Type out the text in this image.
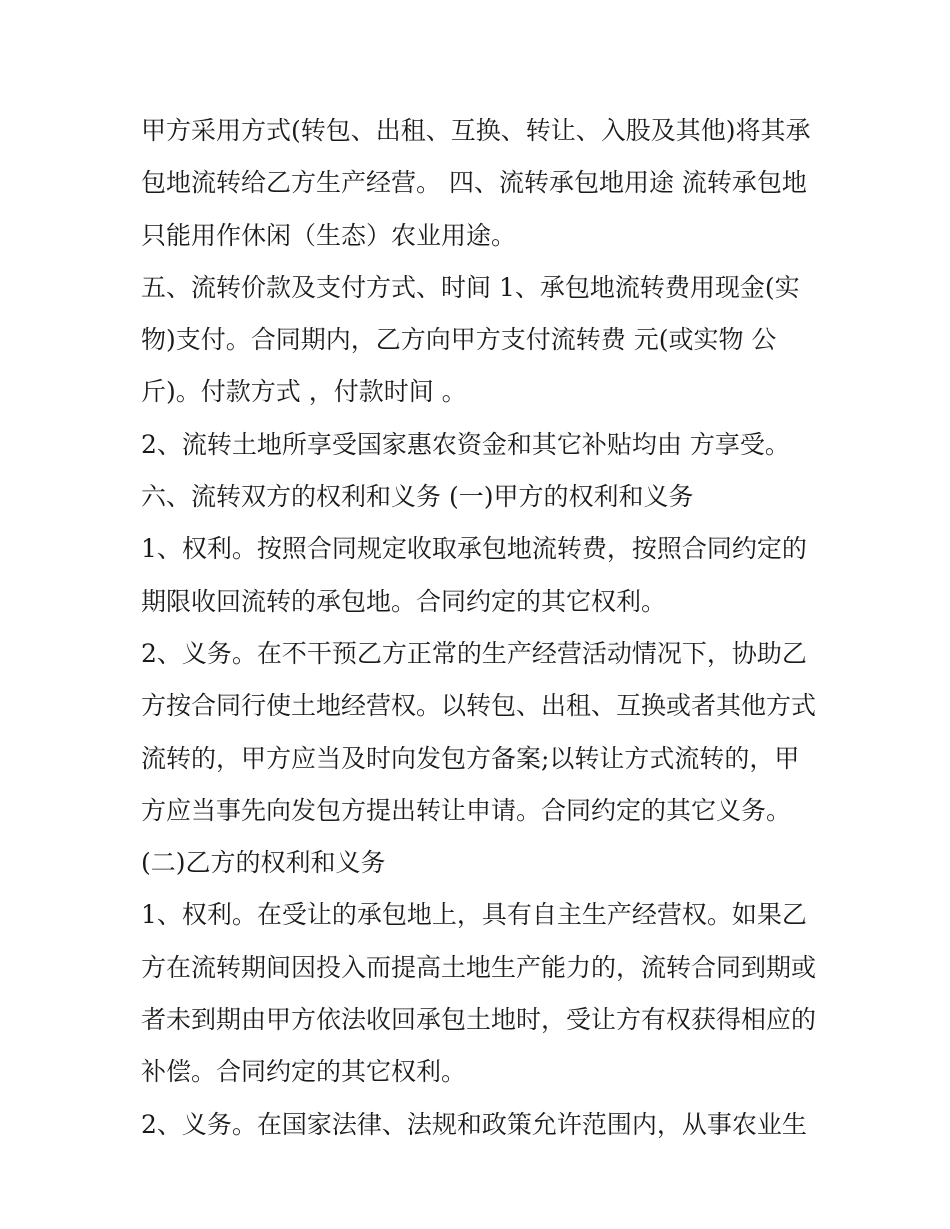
甲方采用方式(转包、出租、互换、转让、入股及其他)将其承
包地流转给乙方生产经营。 四、流转承包地用途 流转承包地
只能用作休闲（生态）农业用途。
五、流转价款及支付方式、时间 1、承包地流转费用现金(实
物)支付。合同期内，乙方向甲方支付流转费 元(或实物 公
斤)。付款方式 ，付款时间 。
2、流转土地所享受国家惠农资金和其它补贴均由 方享受。
六、流转双方的权利和义务 (一)甲方的权利和义务
1、权利。按照合同规定收取承包地流转费，按照合同约定的
期限收回流转的承包地。合同约定的其它权利。
2、义务。在不干预乙方正常的生产经营活动情况下，协助乙
方按合同行使土地经营权。以转包、出租、互换或者其他方式
流转的，甲方应当及时向发包方备案;以转让方式流转的，甲
方应当事先向发包方提出转让申请。合同约定的其它义务。
(二)乙方的权利和义务
1、权利。在受让的承包地上，具有自主生产经营权。如果乙
方在流转期间因投入而提高土地生产能力的，流转合同到期或
者未到期由甲方依法收回承包土地时，受让方有权获得相应的
补偿。合同约定的其它权利。
2、义务。在国家法律、法规和政策允许范围内，从事农业生
